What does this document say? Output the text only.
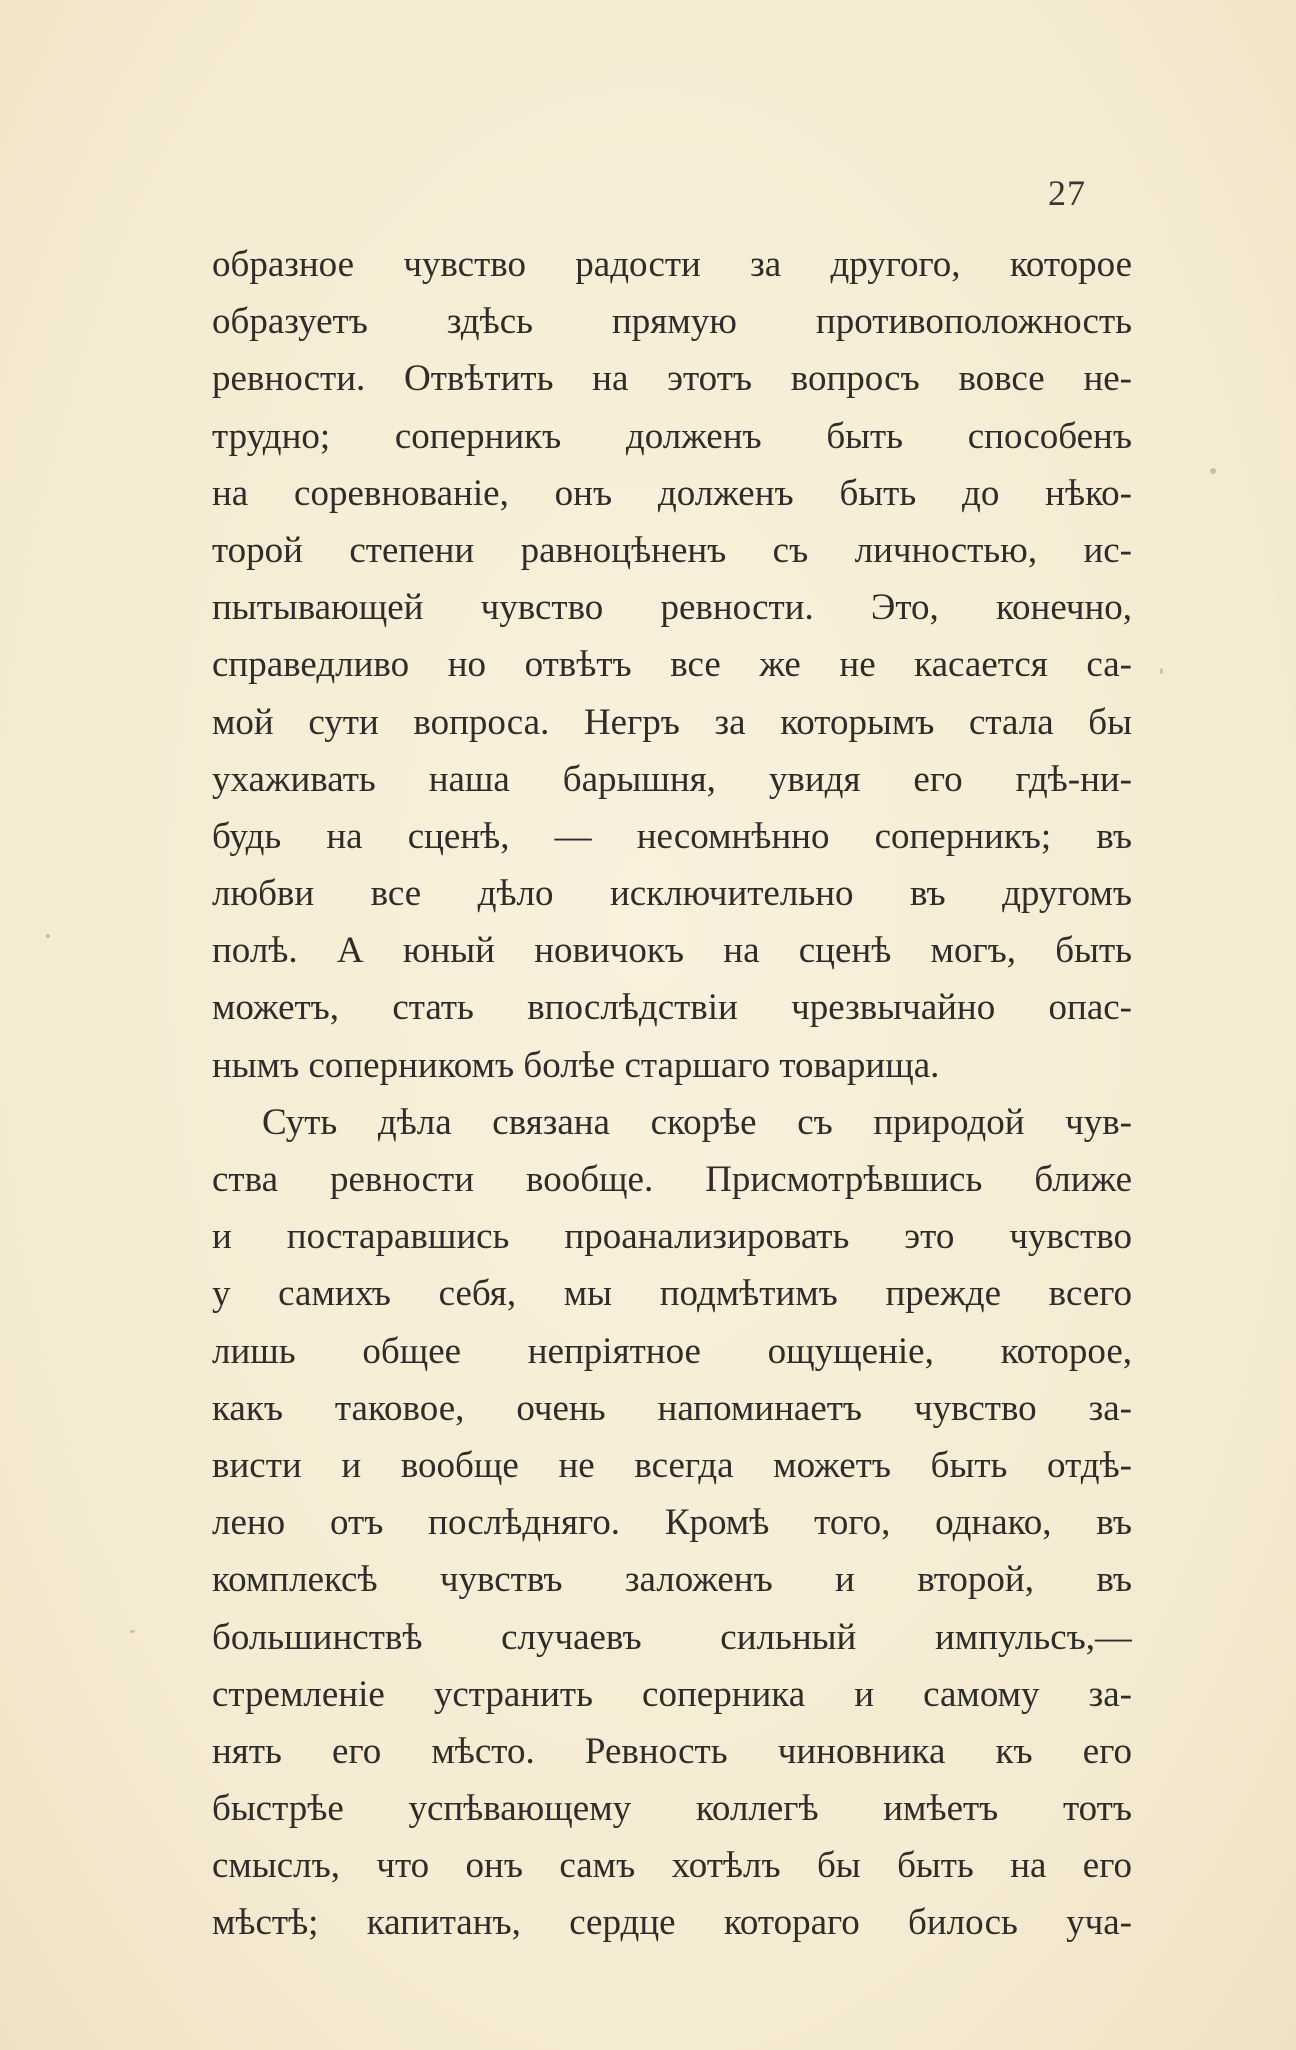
27
образное чувство радости за другого, которое
образуетъ здѣсь прямую противоположность
ревности. Отвѣтить на этотъ вопросъ вовсе не-
трудно; соперникъ долженъ быть способенъ
на соревнованіе, онъ долженъ быть до нѣко-
торой степени равноцѣненъ съ личностью, ис-
пытывающей чувство ревности. Это, конечно,
справедливо но отвѣтъ все же не касается са-
мой сути вопроса. Негръ за которымъ стала бы
ухаживать наша барышня, увидя его гдѣ-ни-
будь на сценѣ, — несомнѣнно соперникъ; въ
любви все дѣло исключительно въ другомъ
полѣ. А юный новичокъ на сценѣ могъ, быть
можетъ, стать впослѣдствіи чрезвычайно опас-
нымъ соперникомъ болѣе старшаго товарища.
Суть дѣла связана скорѣе съ природой чув-
ства ревности вообще. Присмотрѣвшись ближе
и постаравшись проанализировать это чувство
у самихъ себя, мы подмѣтимъ прежде всего
лишь общее непріятное ощущеніе, которое,
какъ таковое, очень напоминаетъ чувство за-
висти и вообще не всегда можетъ быть отдѣ-
лено отъ послѣдняго. Кромѣ того, однако, въ
комплексѣ чувствъ заложенъ и второй, въ
большинствѣ случаевъ сильный импульсъ,—
стремленіе устранить соперника и самому за-
нять его мѣсто. Ревность чиновника къ его
быстрѣе успѣвающему коллегѣ имѣетъ тотъ
смыслъ, что онъ самъ хотѣлъ бы быть на его
мѣстѣ; капитанъ, сердце котораго билось уча-
